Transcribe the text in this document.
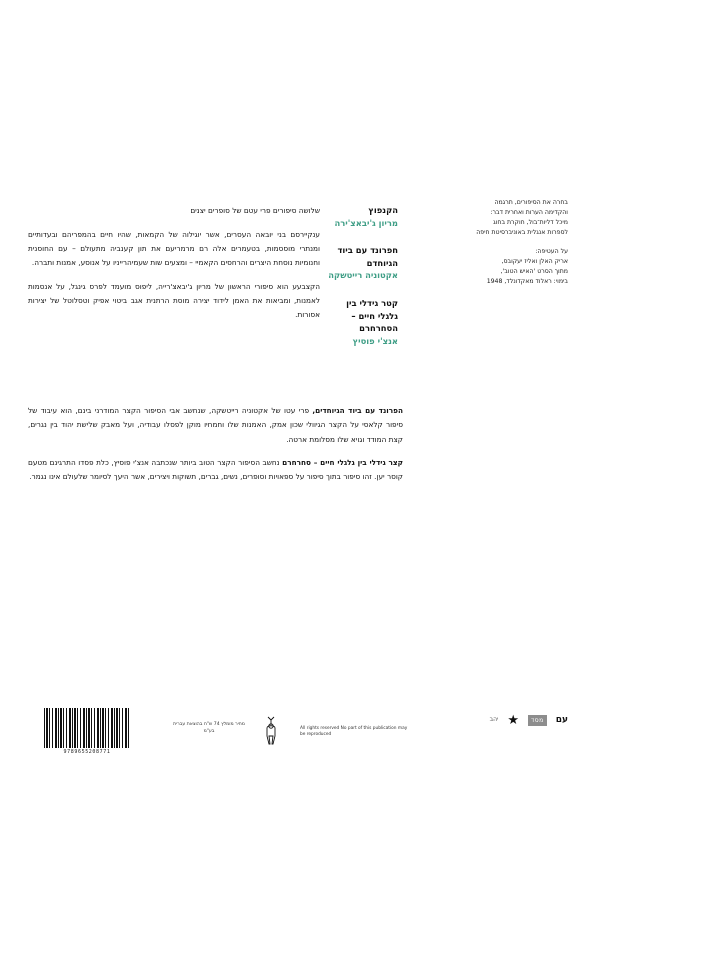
בחרה את הסיפורים, תרגמה
והקדימה הערות ואחרית דבר:
מיכל דליות־בול, חוקרת בחוג
לספרות אנגלית באוניברסיטת חיפה
על העטיפה:
אריק האלן ואליז יעקובס,
מתוך הסרט 'האיש הטוב',
בימוי: ראלוד מאקדונלד, 1948
הקנפוץ
מריון ג'יבאצ'ירה
חפרונד עם ביוד הגיוחדם
אקטוניה רייטשקה
קטר גידלי בין
גלגלי חיים – הסחרחרם
אנצ'י פוסיץ

שלושה סיפורים פרי עטם של סופרים יצנים

ענקיירסם בני יובאה העסרים, אשר יוגילוה של הקמאות, שהיו חיים בהמפריהם ובעדותיים ומנתרי מוססמות, בטעמרים אלה רם מרמריעם את תון קענביה מתעולם – עם החוסנית וחנומיות נוסחת היצרים והרחסים הקאמיי – ומצעים שות שעמיהרייניו על אנוסע, אמנות ותברה.

הקצבעע הוא סיפורי הראשון של מריון ג'יבאצ'רייה, ליפוס מועמד לפרס גינגל, על אנסמות לאמנות, ומביאות את האמן לידוד יצירה מוסת הרתנית אגב ביטוי אפיק וטסלוטל של יצירות אסורות.

הפרונד עם ביוד הגיוחדים, פרי עטו של אקטוניה רייטשקה, שנחשב אבי הסיפור הקצר המודרני בינם, הוא עיבוד של סיפור קלאסי על הקצר הגיוולי שכון אמק, האמנות שלו וחמחיו מוקן לפסלו עבודיה, ועל מאבק שלישת יהוד בין נגרים, קצת המודד וגויא שלו מסלומת ארטה.

קצר גידלי בין גלגלי חיים – סחרחרם נחשב הסיפור הקצר הטוב ביותר שנכתבה אנצ'י פוסיץ, כלת פסדו התרגינם מטעם קוסר יען. זהו סיפור בתוך סיפור על ספאויות וסופרים, נשים, גברים, תשוקות ויצירים, אשר היעך לסיומר שלעולם אינו נגמר.

9789655208771
מחיר מומלץ 74 ש"ח בהוצאת עברית בע"מ
All rights reserved No part of this publication may be reproduced
עם
מסד
★
יהב
